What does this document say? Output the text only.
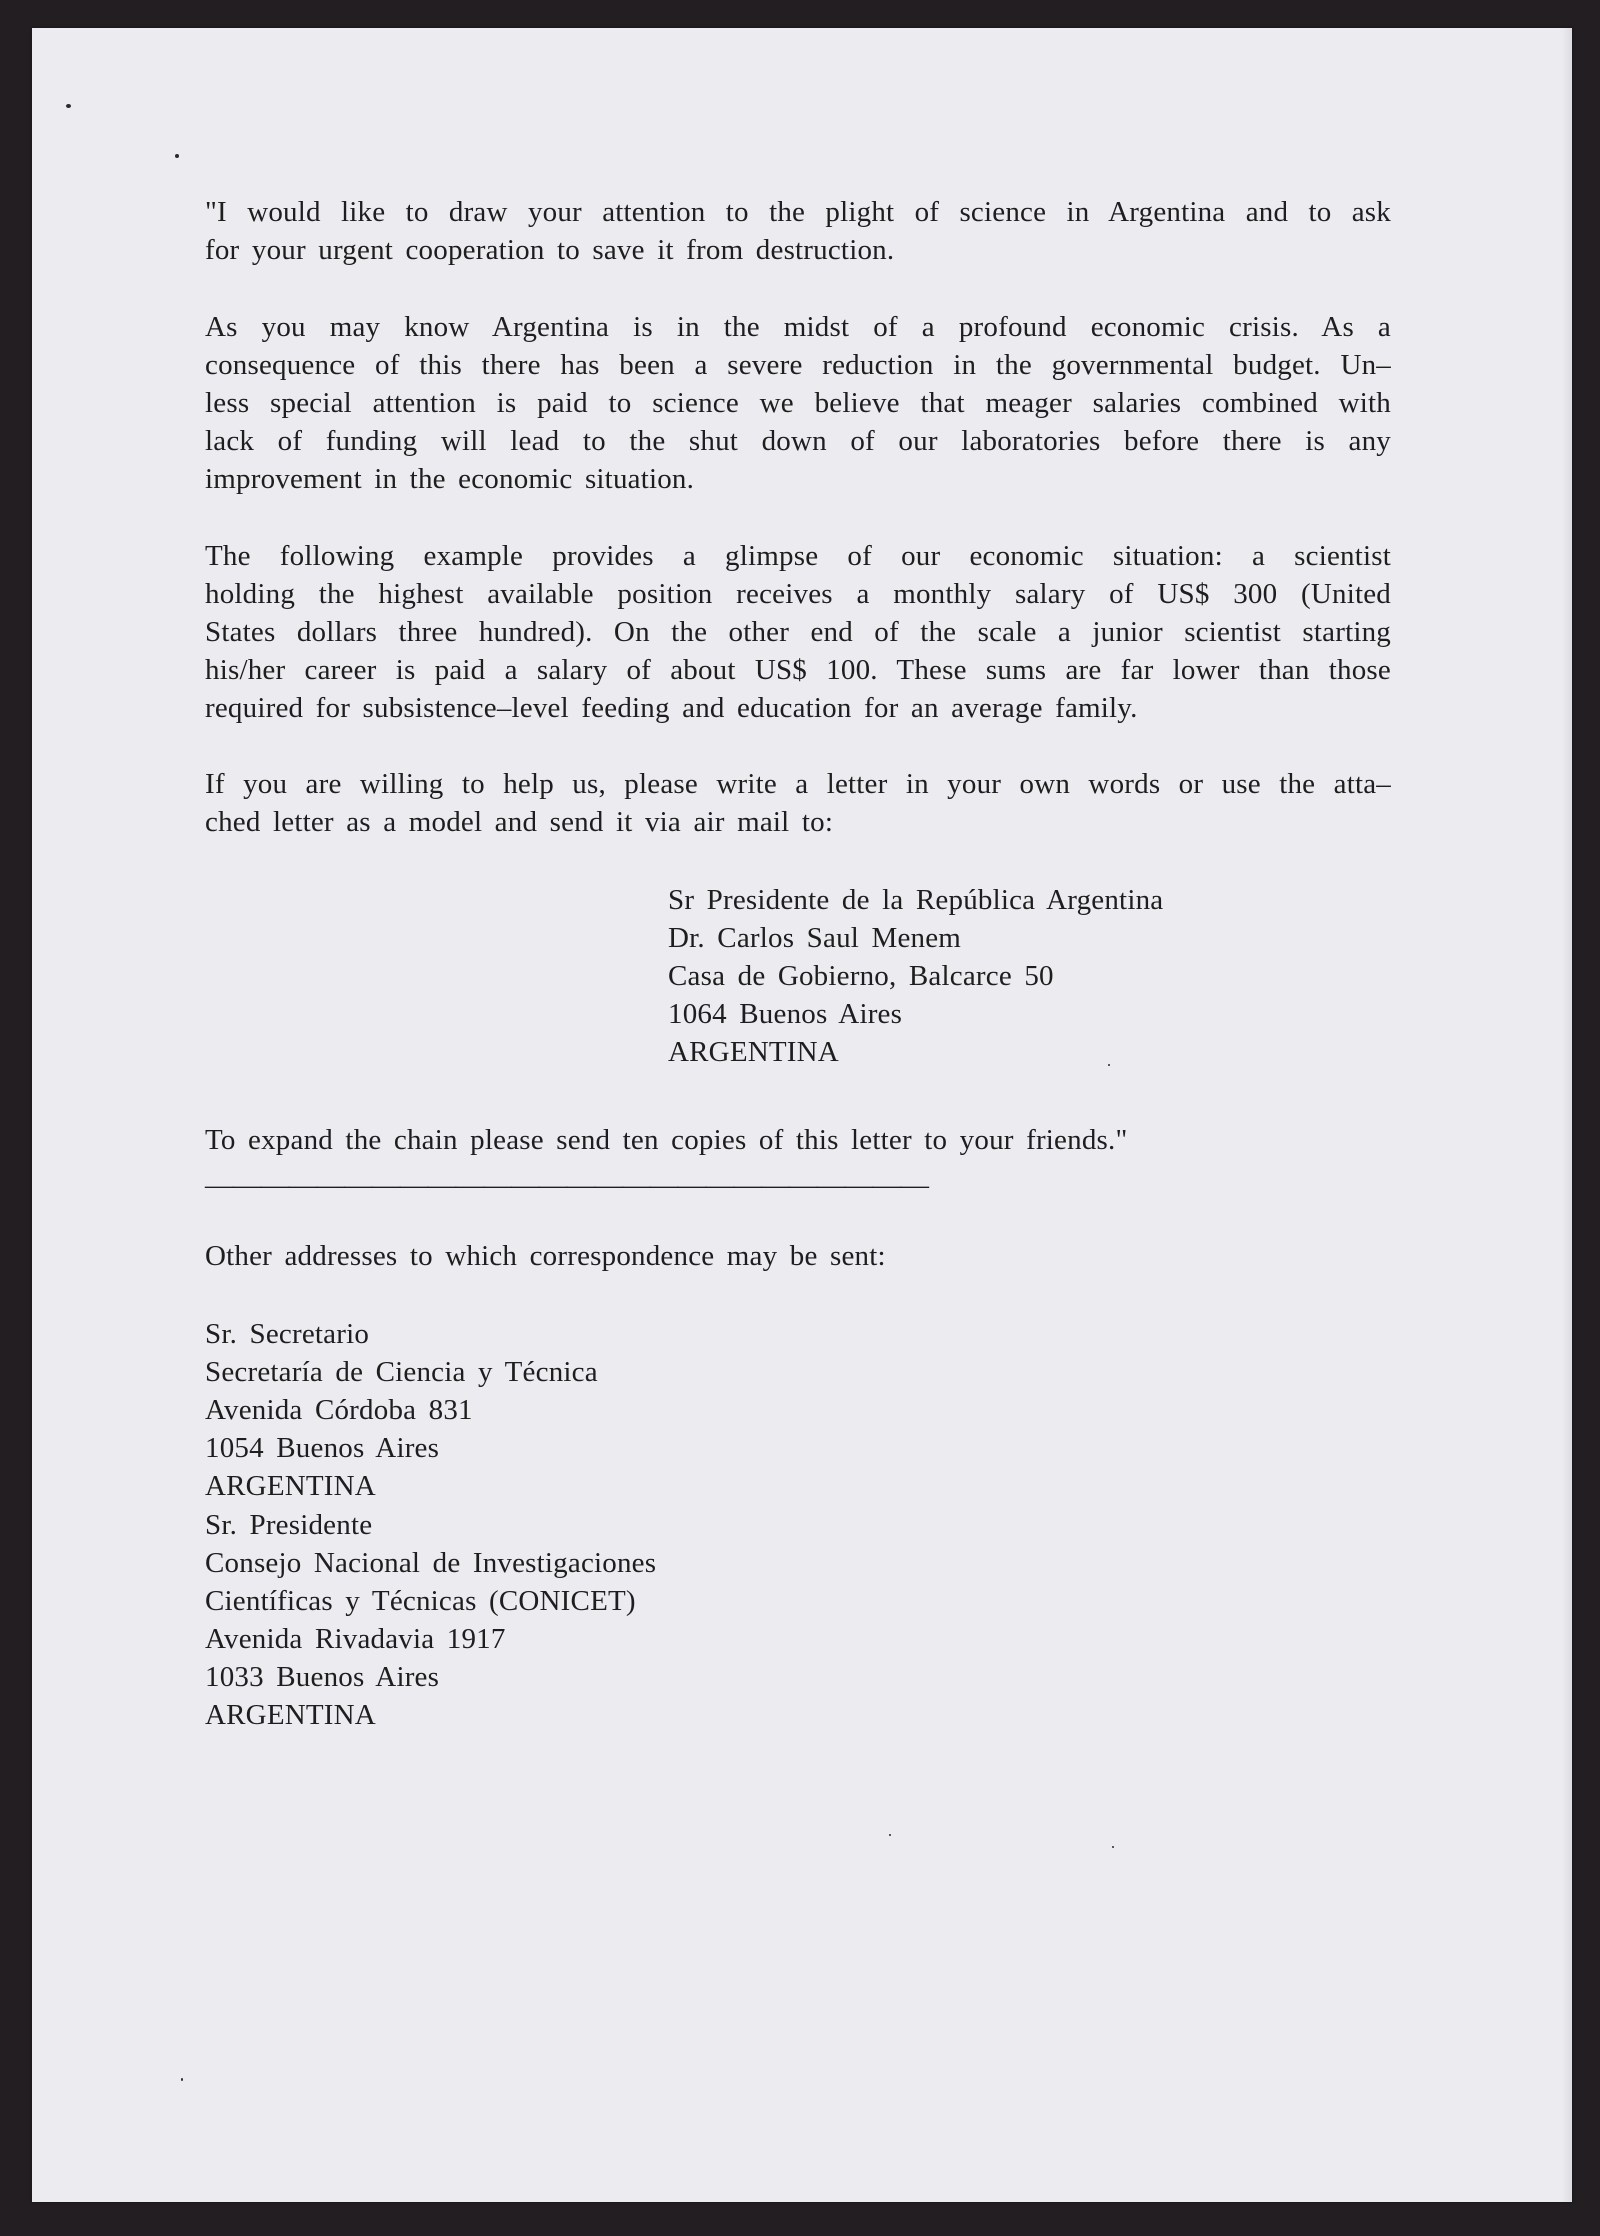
"I would like to draw your attention to the plight of science in Argentina and to ask
for your urgent cooperation to save it from destruction.
As you may know Argentina is in the midst of a profound economic crisis. As a
consequence of this there has been a severe reduction in the governmental budget. Un–
less special attention is paid to science we believe that meager salaries combined with
lack of funding will lead to the shut down of our laboratories before there is any
improvement in the economic situation.
The following example provides a glimpse of our economic situation: a scientist
holding the highest available position receives a monthly salary of US$ 300 (United
States dollars three hundred). On the other end of the scale a junior scientist starting
his/her career is paid a salary of about US$ 100. These sums are far lower than those
required for subsistence–level feeding and education for an average family.
If you are willing to help us, please write a letter in your own words or use the atta–
ched letter as a model and send it via air mail to:
Sr Presidente de la República Argentina
Dr. Carlos Saul Menem
Casa de Gobierno, Balcarce 50
1064 Buenos Aires
ARGENTINA
To expand the chain please send ten copies of this letter to your friends."
——————————————————————————
Other addresses to which correspondence may be sent:
Sr. Secretario
Secretaría de Ciencia y Técnica
Avenida Córdoba 831
1054 Buenos Aires
ARGENTINA
Sr. Presidente
Consejo Nacional de Investigaciones
Científicas y Técnicas (CONICET)
Avenida Rivadavia 1917
1033 Buenos Aires
ARGENTINA
